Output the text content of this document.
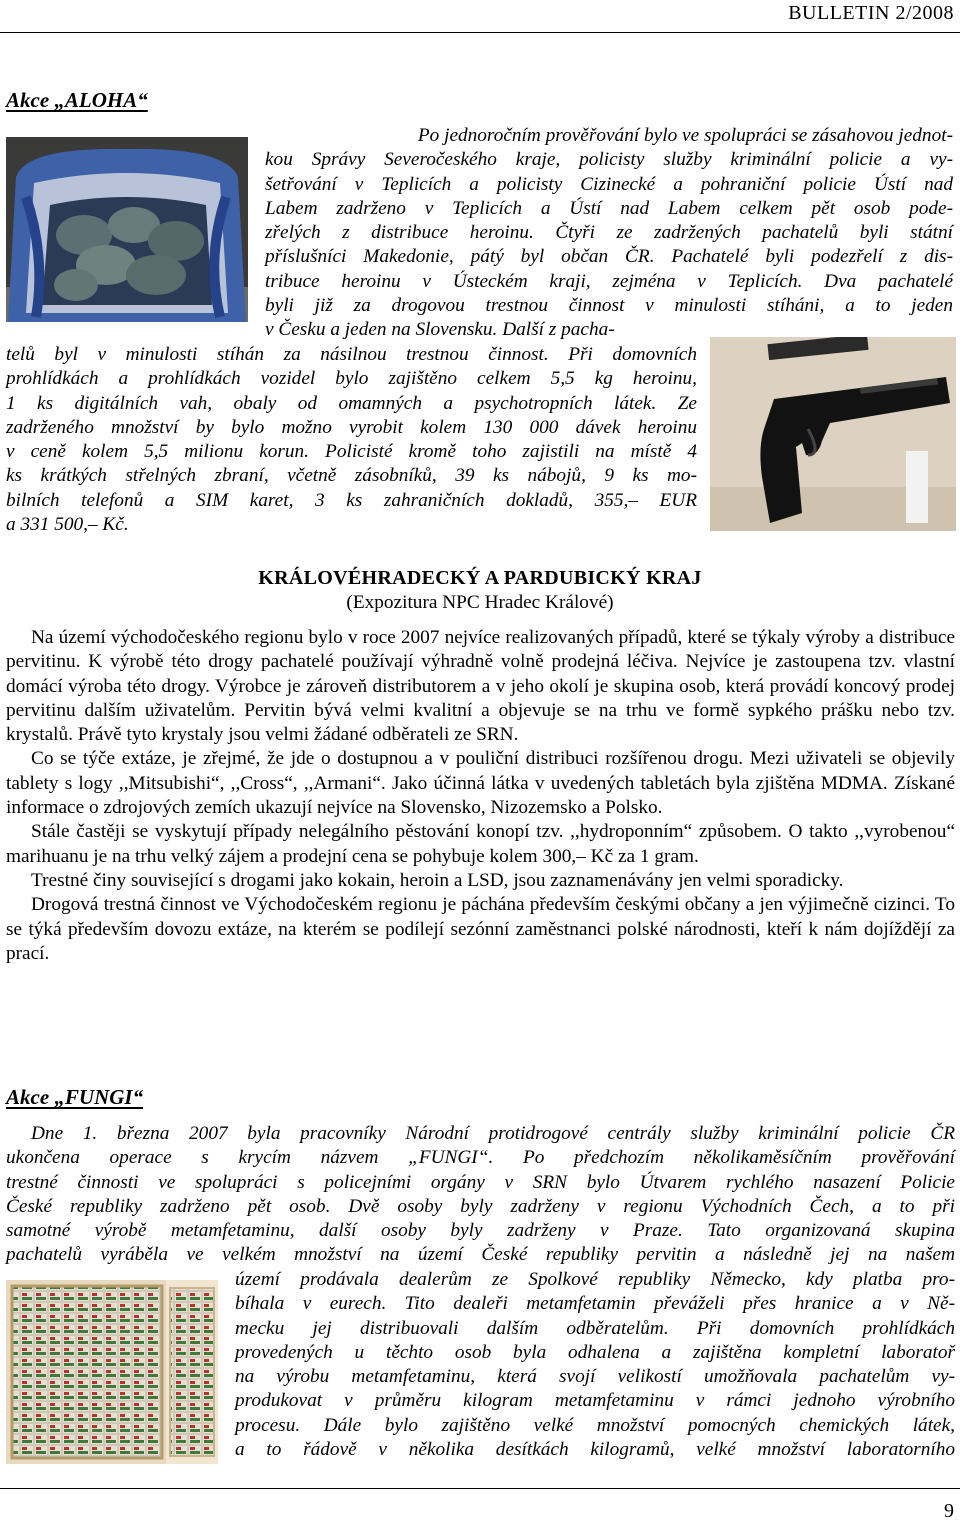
BULLETIN 2/2008
Akce „ALOHA“

Po jednoročním prověřování bylo ve spolupráci se zásahovou jednot-

kou Správy Severočeského kraje, policisty služby kriminální policie a vy-

šetřování v Teplicích a policisty Cizinecké a pohraniční policie Ústí nad

Labem zadrženo v Teplicích a Ústí nad Labem celkem pět osob pode-

zřelých z distribuce heroinu. Čtyři ze zadržených pachatelů byli státní

příslušníci Makedonie, pátý byl občan ČR. Pachatelé byli podezřelí z dis-

tribuce heroinu v Ústeckém kraji, zejména v Teplicích. Dva pachatelé

byli již za drogovou trestnou činnost v minulosti stíháni, a to jeden

v Česku a jeden na Slovensku. Další z pacha-

telů byl v minulosti stíhán za násilnou trestnou činnost. Při domovních

prohlídkách a prohlídkách vozidel bylo zajištěno celkem 5,5 kg heroinu,

1 ks digitálních vah, obaly od omamných a psychotropních látek. Ze

zadrženého množství by bylo možno vyrobit kolem 130 000 dávek heroinu

v ceně kolem 5,5 milionu korun. Policisté kromě toho zajistili na místě 4

ks krátkých střelných zbraní, včetně zásobníků, 39 ks nábojů, 9 ks mo-

bilních telefonů a SIM karet, 3 ks zahraničních dokladů, 355,– EUR

a 331 500,– Kč.

KRÁLOVÉHRADECKÝ A PARDUBICKÝ KRAJ
(Expozitura NPC Hradec Králové)

Na území východočeského regionu bylo v roce 2007 nejvíce realizovaných případů, které se týkaly výroby a distribuce pervitinu. K výrobě této drogy pachatelé používají výhradně volně prodejná léčiva. Nejvíce je zastoupena tzv. vlastní domácí výroba této drogy. Výrobce je zároveň distributorem a v jeho okolí je skupina osob, která provádí koncový prodej pervitinu dalším uživatelům. Pervitin bývá velmi kvalitní a objevuje se na trhu ve formě sypkého prášku nebo tzv. krystalů. Právě tyto krystaly jsou velmi žádané odběrateli ze SRN.

Co se týče extáze, je zřejmé, že jde o dostupnou a v pouliční distribuci rozšířenou drogu. Mezi uživateli se objevily tablety s logy ,,Mitsubishi“, ,,Cross“, ,,Armani“. Jako účinná látka v uvedených tabletách byla zjištěna MDMA. Získané informace o zdrojových zemích ukazují nejvíce na Slovensko, Nizozemsko a Polsko.

Stále častěji se vyskytují případy nelegálního pěstování konopí tzv. ,,hydroponním“ způsobem. O takto ,,vyrobenou“ marihuanu je na trhu velký zájem a prodejní cena se pohybuje kolem 300,– Kč za 1 gram.

Trestné činy související s drogami jako kokain, heroin a LSD, jsou zaznamenávány jen velmi sporadicky.

Drogová trestná činnost ve Východočeském regionu je páchána především českými občany a jen výjimečně cizinci. To se týká především dovozu extáze, na kterém se podílejí sezónní zaměstnanci polské národnosti, kteří k nám dojíždějí za prací.

Akce „FUNGI“

Dne 1. března 2007 byla pracovníky Národní protidrogové centrály služby kriminální policie ČR

ukončena operace s krycím názvem „FUNGI“. Po předchozím několikaměsíčním prověřování

trestné činnosti ve spolupráci s policejními orgány v SRN bylo Útvarem rychlého nasazení Policie

České republiky zadrženo pět osob. Dvě osoby byly zadrženy v regionu Východních Čech, a to při

samotné výrobě metamfetaminu, další osoby byly zadrženy v Praze. Tato organizovaná skupina

pachatelů vyráběla ve velkém množství na území České republiky pervitin a následně jej na našem

území prodávala dealerům ze Spolkové republiky Německo, kdy platba pro-

bíhala v eurech. Tito dealeři metamfetamin převáželi přes hranice a v Ně-

mecku jej distribuovali dalším odběratelům. Při domovních prohlídkách

provedených u těchto osob byla odhalena a zajištěna kompletní laboratoř

na výrobu metamfetaminu, která svojí velikostí umožňovala pachatelům vy-

produkovat v průměru kilogram metamfetaminu v rámci jednoho výrobního

procesu. Dále bylo zajištěno velké množství pomocných chemických látek,

a to řádově v několika desítkách kilogramů, velké množství laboratorního

9
